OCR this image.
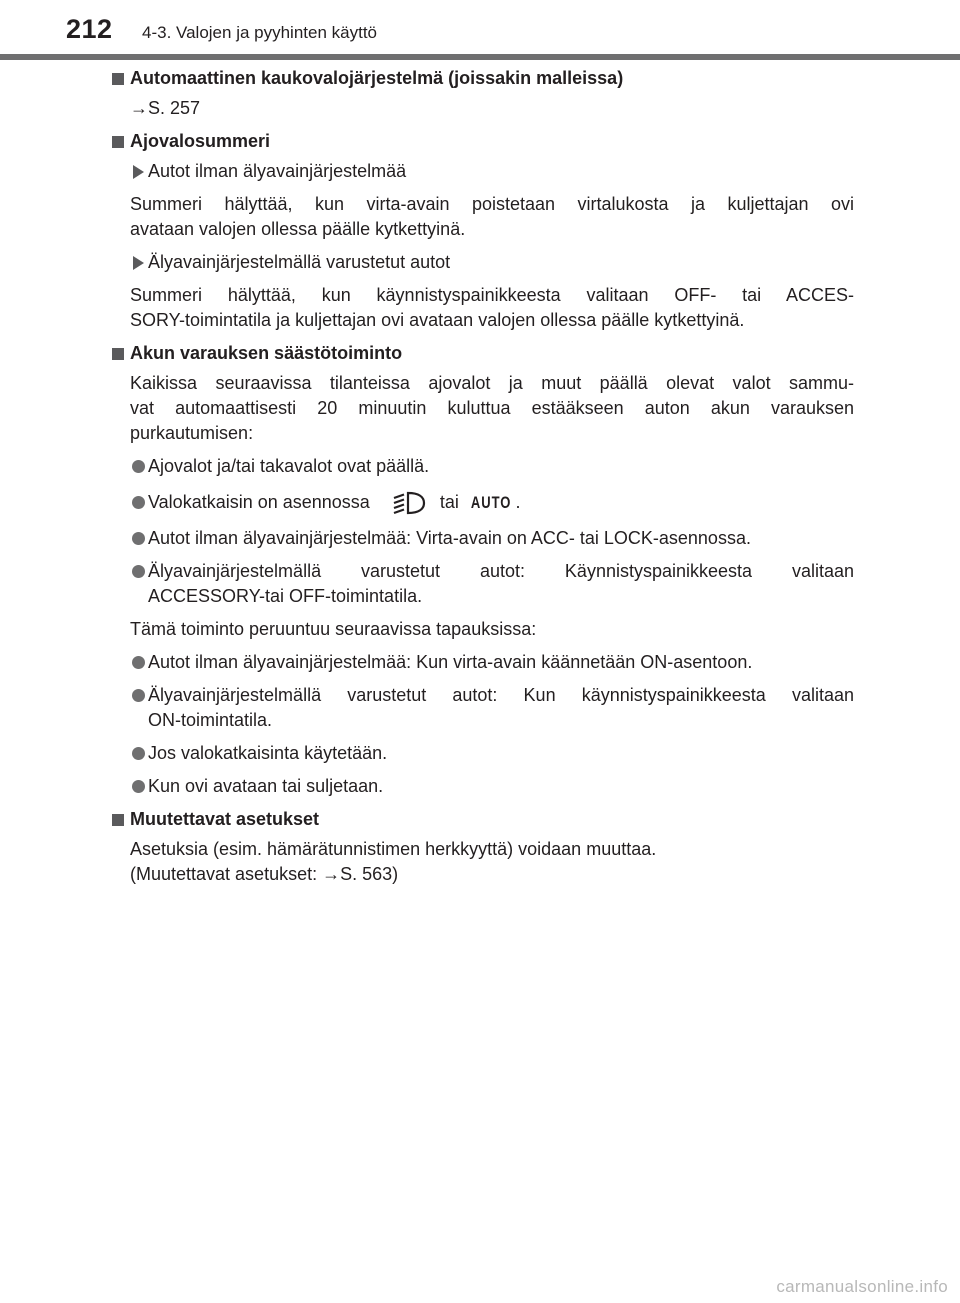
212 4-3. Valojen ja pyyhinten käyttö
Automaattinen kaukovalojärjestelmä (joissakin malleissa)
→S. 257
Ajovalosummeri
Autot ilman älyavainjärjestelmää
Summeri hälyttää, kun virta-avain poistetaan virtalukosta ja kuljettajan ovi
avataan valojen ollessa päälle kytkettyinä.
Älyavainjärjestelmällä varustetut autot
Summeri hälyttää, kun käynnistyspainikkeesta valitaan OFF- tai ACCES-
SORY-toimintatila ja kuljettajan ovi avataan valojen ollessa päälle kytkettyinä.
Akun varauksen säästötoiminto
Kaikissa seuraavissa tilanteissa ajovalot ja muut päällä olevat valot sammu-
vat automaattisesti 20 minuutin kuluttua estääkseen auton akun varauksen
purkautumisen:
Ajovalot ja/tai takavalot ovat päällä.
Valokatkaisin on asennossa	tai AUTO .
Autot ilman älyavainjärjestelmää: Virta-avain on ACC- tai LOCK-asennossa.
Älyavainjärjestelmällä varustetut autot: Käynnistyspainikkeesta valitaan
ACCESSORY-tai OFF-toimintatila.
Tämä toiminto peruuntuu seuraavissa tapauksissa:
Autot ilman älyavainjärjestelmää: Kun virta-avain käännetään ON-asentoon.
Älyavainjärjestelmällä varustetut autot: Kun käynnistyspainikkeesta valitaan
ON-toimintatila.
Jos valokatkaisinta käytetään.
Kun ovi avataan tai suljetaan.
Muutettavat asetukset
Asetuksia (esim. hämärätunnistimen herkkyyttä) voidaan muuttaa.
(Muutettavat asetukset: →S. 563)
carmanualsonline.info
